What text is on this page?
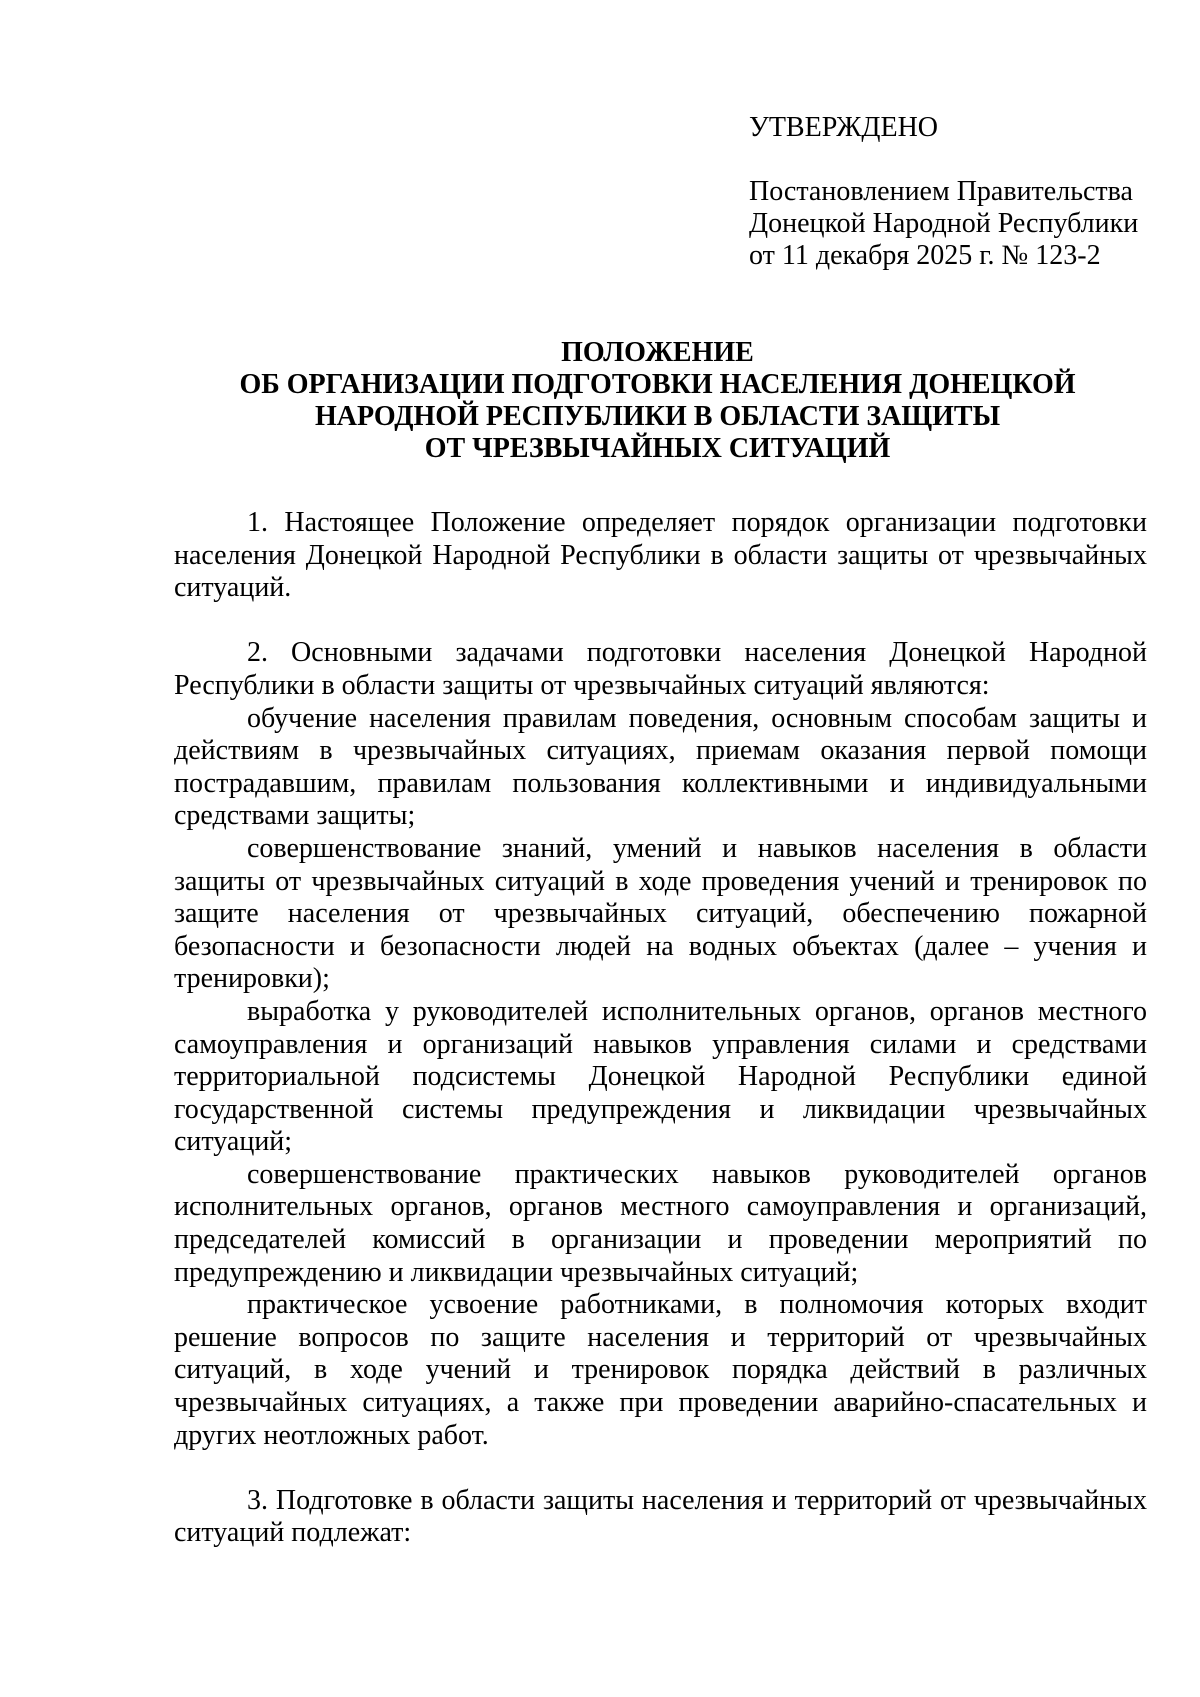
УТВЕРЖДЕНО
Постановлением Правительства
Донецкой Народной Республики
от 11 декабря 2025 г. № 123-2
ПОЛОЖЕНИЕ
ОБ ОРГАНИЗАЦИИ ПОДГОТОВКИ НАСЕЛЕНИЯ ДОНЕЦКОЙ
НАРОДНОЙ РЕСПУБЛИКИ В ОБЛАСТИ ЗАЩИТЫ
ОТ ЧРЕЗВЫЧАЙНЫХ СИТУАЦИЙ

1. Настоящее Положение определяет порядок организации подготовки населения Донецкой Народной Республики в области защиты от чрезвычайных ситуаций.

2. Основными задачами подготовки населения Донецкой Народной Республики в области защиты от чрезвычайных ситуаций являются:

обучение населения правилам поведения, основным способам защиты и действиям в чрезвычайных ситуациях, приемам оказания первой помощи пострадавшим, правилам пользования коллективными и индивидуальными средствами защиты;

совершенствование знаний, умений и навыков населения в области защиты от чрезвычайных ситуаций в ходе проведения учений и тренировок по защите населения от чрезвычайных ситуаций, обеспечению пожарной безопасности и безопасности людей на водных объектах (далее – учения и тренировки);

выработка у руководителей исполнительных органов, органов местного самоуправления и организаций навыков управления силами и средствами территориальной подсистемы Донецкой Народной Республики единой государственной системы предупреждения и ликвидации чрезвычайных ситуаций;

совершенствование практических навыков руководителей органов исполнительных органов, органов местного самоуправления и организаций, председателей комиссий в организации и проведении мероприятий по предупреждению и ликвидации чрезвычайных ситуаций;

практическое усвоение работниками, в полномочия которых входит решение вопросов по защите населения и территорий от чрезвычайных ситуаций, в ходе учений и тренировок порядка действий в различных чрезвычайных ситуациях, а также при проведении аварийно-спасательных и других неотложных работ.

3. Подготовке в области защиты населения и территорий от чрезвычайных ситуаций подлежат:
